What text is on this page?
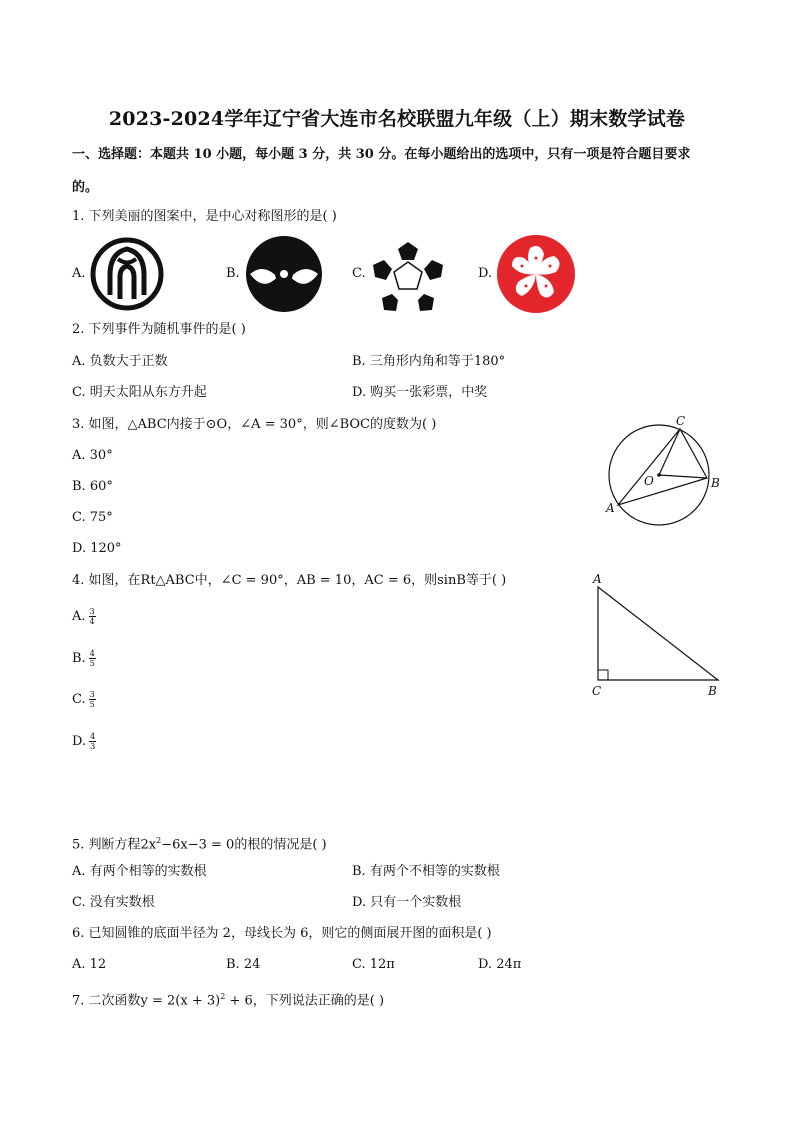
2023-2024学年辽宁省大连市名校联盟九年级（上）期末数学试卷
一、选择题：本题共 10 小题，每小题 3 分，共 30 分。在每小题给出的选项中，只有一项是符合题目要求
的。
1. 下列美丽的图案中，是中心对称图形的是( )
A.	B.	C.	D.
2. 下列事件为随机事件的是( )
A. 负数大于正数	B. 三角形内角和等于180°
C. 明天太阳从东方升起	D. 购买一张彩票，中奖
3. 如图，△ABC内接于⊙O，∠A = 30°，则∠BOC的度数为( )
A. 30°
B. 60°
C. 75°
D. 120°
C
O	B
A
4. 如图，在Rt△ABC中，∠C = 90°，AB = 10，AC = 6，则sinB等于( )
A. $\frac{3}{4}$
B. $\frac{4}{5}$
C. $\frac{3}{5}$
D. $\frac{4}{3}$
A
C	B
5. 判断方程$2x^2-6x-3 = 0$的根的情况是( )
A. 有两个相等的实数根	B. 有两个不相等的实数根
C. 没有实数根	D. 只有一个实数根
6. 已知圆锥的底面半径为 2，母线长为 6，则它的侧面展开图的面积是( )
A. 12	B. 24	C. 12π	D. 24π
7. 二次函数$y = 2(x + 3)^2 + 6$，下列说法正确的是( )
